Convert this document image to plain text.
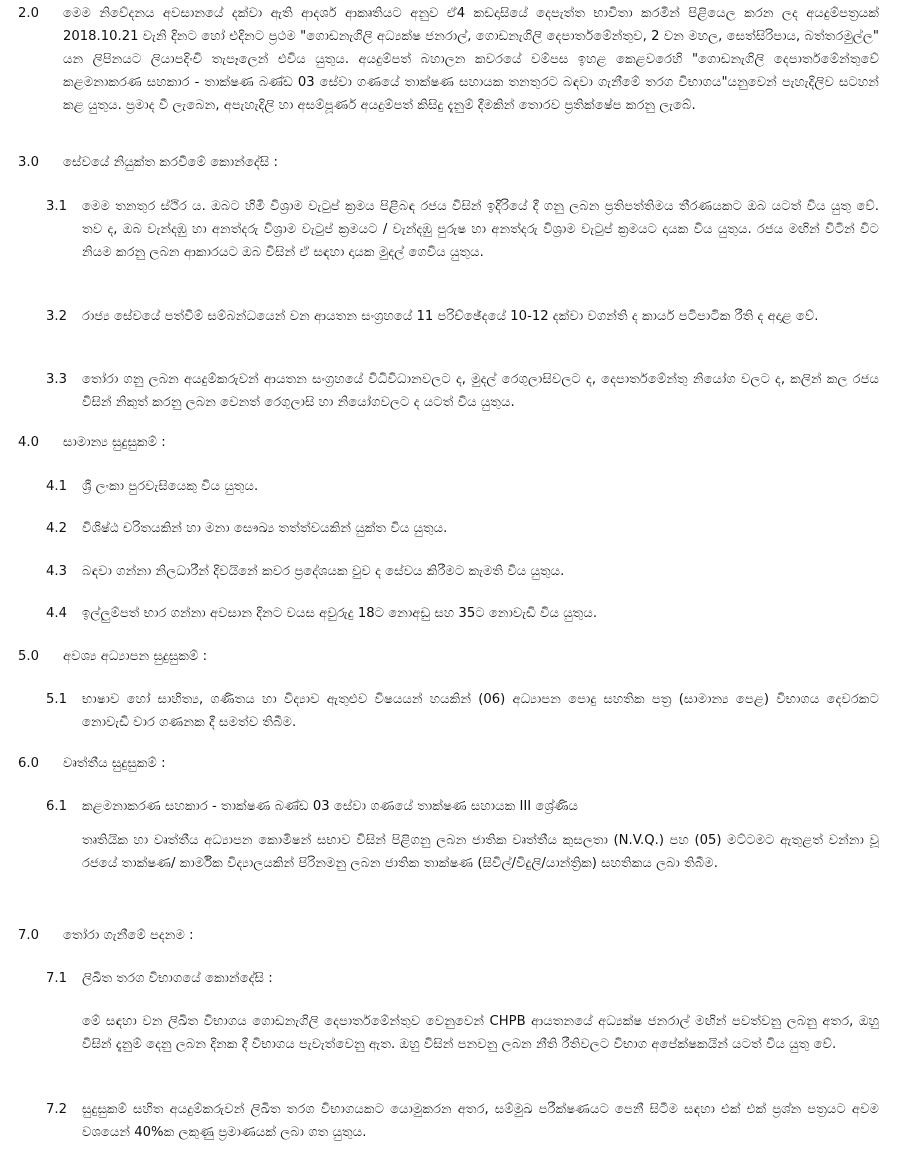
2.0 මෙම නිවේදනය අවසානයේ දක්වා ඇති ආදර්ශ ආකෘතියට අනුව ඒ4 කඩදාසියේ දෙපැත්ත භාවිතා කරමින් පිළියෙල කරන ලද අයදුම්පත්‍රයක් 2018.10.21 වැනි දිනට හෝ එදිනට ප්‍රථම "ගොඩනැගිලි අධ්‍යක්ෂ ජනරාල්, ගොඩනැගිලි දෙපාර්තමේන්තුව, 2 වන මහල, සෙත්සිරිපාය, බත්තරමුල්ල" යන ලිපිනයට ලියාපදිංචි තැපෑලෙන් එවිය යුතුය. අයදුම්පත් බහාලන කවරයේ වම්පස ඉහළ කෙළවරෙහි "ගොඩනැගිලි දෙපාර්තමේන්තුවේ කළමනාකරණ සහකාර - තාක්ෂණ බණ්ඩ 03 සේවා ගණයේ තාක්ෂණ සහායක තනතුරට බඳවා ගැනීමේ තරග විභාගය"යනුවෙන් පැහැදිලිව සටහන් කළ යුතුය. ප්‍රමාද වී ලැබෙන, අපැහැදිලි හා අසම්පූර්ණ අයදුම්පත් කිසිදු දැනුම් දීමකින් තොරව ප්‍රතික්ෂේප කරනු ලැබේ.
3.0 සේවයේ නියුක්ත කරවීමේ කොන්දේසි :
3.1 මෙම තනතුර ස්ථිර ය. ඔබට හිමි විශ්‍රාම වැටුප් ක්‍රමය පිළිබඳ රජය විසින් ඉදිරියේ දී ගනු ලබන ප්‍රතිපත්තිමය තීරණයකට ඔබ යටත් විය යුතු වේ. තව ද, ඔබ වැන්දඹු හා අනත්දරු විශ්‍රාම වැටුප් ක්‍රමයට / වැන්දඹු පුරුෂ හා අනත්දරු විශ්‍රාම වැටුප් ක්‍රමයට දායක විය යුතුය. රජය මඟින් විටින් විට නියම කරනු ලබන ආකාරයට ඔබ විසින් ඒ සඳහා දායක මුදල් ගෙවිය යුතුය.
3.2 රාජ්‍ය සේවයේ පත්වීම් සම්බන්ධයෙන් වන ආයතන සංග්‍රහයේ 11 පරිච්ඡේදයේ 10-12 දක්වා වගන්ති ද කාර්ය පටිපාටික රීති ද අදාළ වේ.
3.3 තෝරා ගනු ලබන අයදුම්කරුවන් ආයතන සංග්‍රහයේ විධිවිධානවලට ද, මුදල් රෙගුලාසිවලට ද, දෙපාර්තමේන්තු නියෝග වලට ද, කලින් කල රජය විසින් නිකුත් කරනු ලබන වෙනත් රෙගුලාසි හා නියෝගවලට ද යටත් විය යුතුය.
4.0 සාමාන්‍ය සුදුසුකම් :
4.1 ශ්‍රී ලංකා පුරවැසියෙකු විය යුතුය.
4.2 විශිෂ්ඨ චරිතයකින් හා මනා සෞඛ්‍ය තත්ත්වයකින් යුක්ත විය යුතුය.
4.3 බඳවා ගන්නා නිලධාරීන් දිවයිනේ කවර ප්‍රදේශයක වුව ද සේවය කිරීමට කැමති විය යුතුය.
4.4 ඉල්ලුම්පත් භාර ගන්නා අවසාන දිනට වයස අවුරුදු 18ට නොඅඩු සහ 35ට නොවැඩි විය යුතුය.
5.0 අවශ්‍ය අධ්‍යාපන සුදුසුකම් :
5.1 භාෂාව හෝ සාහිත්‍ය, ගණිතය හා විද්‍යාව ඇතුළුව විෂයයන් හයකින් (06) අධ්‍යාපන පොදු සහතික පත්‍ර (සාමාන්‍ය පෙළ) විභාගය දෙවරකට නොවැඩි වාර ගණනක දී සමත්ව තිබීම.
6.0 වෘත්තීය සුදුසුකම් :
6.1 කළමනාකරණ සහකාර - තාක්ෂණ බණ්ඩ 03 සේවා ගණයේ තාක්ෂණ සහායක III ශ්‍රේණිය
තෘතියික හා වෘත්තීය අධ්‍යාපන කොමිෂන් සභාව විසින් පිළිගනු ලබන ජාතික වෘත්තීය කුසලතා (N.V.Q.) පහ (05) මට්ටමට ඇතුළත් වන්නා වූ රජයේ තාක්ෂණ/ කාර්මික විද්‍යාලයකින් පිරිනමනු ලබන ජාතික තාක්ෂණ (සිවිල්/විදුලි/යාන්ත්‍රික) සහතිකය ලබා තිබීම.
7.0 තෝරා ගැනීමේ පදනම :
7.1 ලිඛිත තරග විභාගයේ කොන්දේසි :
මේ සඳහා වන ලිඛිත විභාගය ගොඩනැගිලි දෙපාර්තමේන්තුව වෙනුවෙන් CHPB ආයතනයේ අධ්‍යක්ෂ ජනරාල් මඟින් පවත්වනු ලබනු අතර, ඔහු විසින් දැනුම් දෙනු ලබන දිනක දී විභාගය පැවැත්වෙනු ඇත. ඔහු විසින් පනවනු ලබන නීති රීතිවලට විභාග අපේක්ෂකයින් යටත් විය යුතු වේ.
7.2 සුදුසුකම් සහිත අයදුම්කරුවන් ලිඛිත තරග විභාගයකට යොමුකරන අතර, සම්මුඛ පරීක්ෂණයට පෙනී සිටීම සඳහා එක් එක් ප්‍රශ්න පත්‍රයට අවම වශයෙන් 40%ක ලකුණු ප්‍රමාණයක් ලබා ගත යුතුය.
